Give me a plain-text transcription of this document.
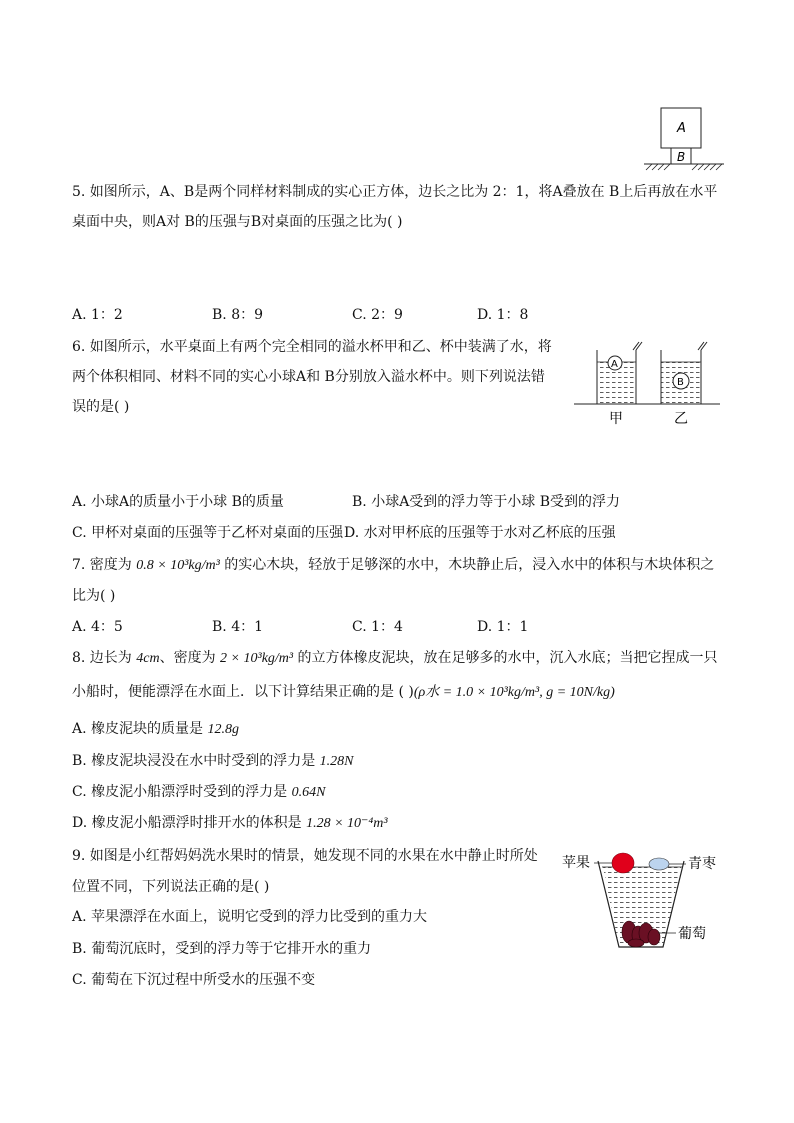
A
B
5. 如图所示，A、B是两个同样材料制成的实心正方体，边长之比为 2：1，将A叠放在 B上后再放在水平
桌面中央，则A对 B的压强与B对桌面的压强之比为( )
A. 1：2	B. 8：9	C. 2：9	D. 1：8
6. 如图所示，水平桌面上有两个完全相同的溢水杯甲和乙、杯中装满了水，将
两个体积相同、材料不同的实心小球A和 B分别放入溢水杯中。则下列说法错
误的是( )
A
B
甲	乙
A. 小球A的质量小于小球 B的质量	B. 小球A受到的浮力等于小球 B受到的浮力
C. 甲杯对桌面的压强等于乙杯对桌面的压强 D. 水对甲杯底的压强等于水对乙杯底的压强
7. 密度为 0.8 × 10³kg/m³ 的实心木块，轻放于足够深的水中，木块静止后，浸入水中的体积与木块体积之
比为( )
A. 4：5	B. 4：1	C. 1：4	D. 1：1
8. 边长为 4cm、密度为 2 × 10³kg/m³ 的立方体橡皮泥块，放在足够多的水中，沉入水底；当把它捏成一只
小船时，便能漂浮在水面上．以下计算结果正确的是 ( )(ρ水 = 1.0 × 10³kg/m³, g = 10N/kg)
A. 橡皮泥块的质量是 12.8g
B. 橡皮泥块浸没在水中时受到的浮力是 1.28N
C. 橡皮泥小船漂浮时受到的浮力是 0.64N
D. 橡皮泥小船漂浮时排开水的体积是 1.28 × 10⁻⁴m³
9. 如图是小红帮妈妈洗水果时的情景，她发现不同的水果在水中静止时所处
位置不同，下列说法正确的是( )
A. 苹果漂浮在水面上，说明它受到的浮力比受到的重力大
B. 葡萄沉底时，受到的浮力等于它排开水的重力
C. 葡萄在下沉过程中所受水的压强不变
苹果	青枣
葡萄
